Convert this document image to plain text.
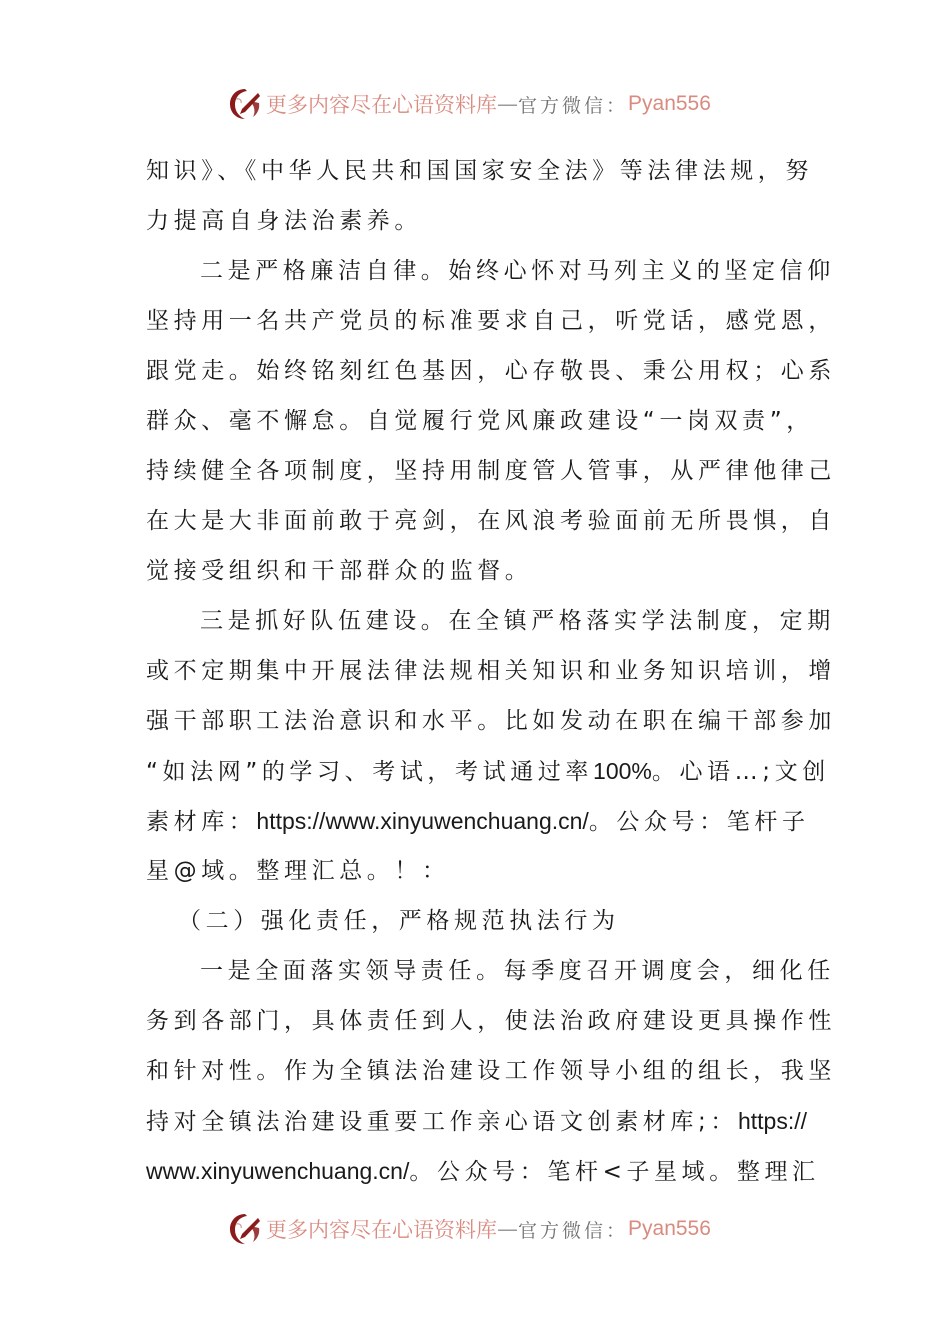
更多内容尽在心语资料库 — 官方微信： Pyan556
知识》、《中华人民共和国国家安全法》等法律法规，努
力提高自身法治素养。
二是严格廉洁自律。始终心怀对马列主义的坚定信仰
坚持用一名共产党员的标准要求自己，听党话，感党恩，
跟党走。始终铭刻红色基因，心存敬畏、秉公用权；心系
群众、毫不懈怠。自觉履行党风廉政建设“一岗双责”，
持续健全各项制度，坚持用制度管人管事，从严律他律己
在大是大非面前敢于亮剑，在风浪考验面前无所畏惧，自
觉接受组织和干部群众的监督。
三是抓好队伍建设。在全镇严格落实学法制度，定期
或不定期集中开展法律法规相关知识和业务知识培训，增
强干部职工法治意识和水平。比如发动在职在编干部参加
“如法网”的学习、考试，考试通过率100%。心语…;文创
素材库：https://www.xinyuwenchuang.cn/。公众号：笔杆子
星@域。整理汇总。！：
（二）强化责任，严格规范执法行为
一是全面落实领导责任。每季度召开调度会，细化任
务到各部门，具体责任到人，使法治政府建设更具操作性
和针对性。作为全镇法治建设工作领导小组的组长，我坚
持对全镇法治建设重要工作亲心语文创素材库;：https://
www.xinyuwenchuang.cn/。公众号：笔杆<子星域。整理汇
更多内容尽在心语资料库 — 官方微信： Pyan556
